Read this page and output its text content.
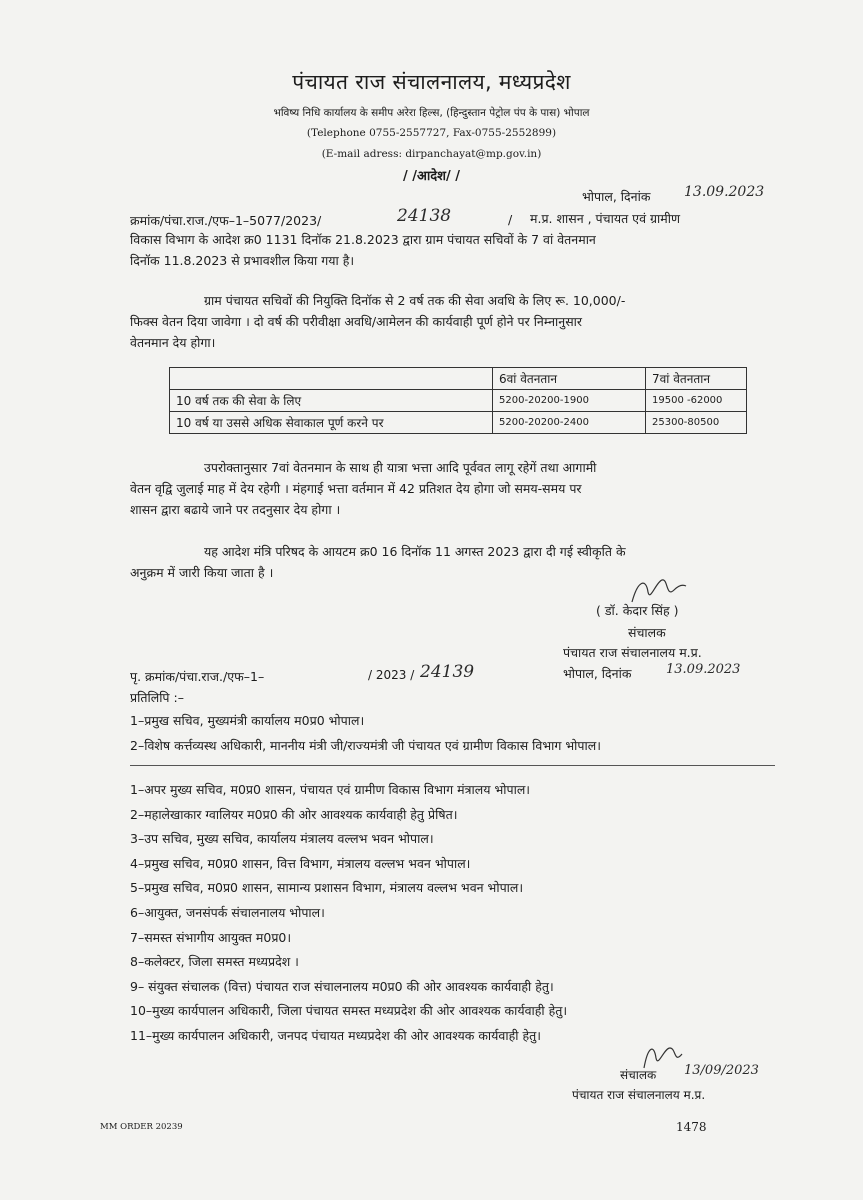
पंचायत राज संचालनालय, मध्यप्रदेश
भविष्य निधि कार्यालय के समीप अरेरा हिल्स, (हिन्दुस्तान पेट्रोल पंप के पास) भोपाल
(Telephone 0755-2557727, Fax-0755-2552899)
(E-mail adress: dirpanchayat@mp.gov.in)
/ /आदेश/ /
भोपाल, दिनांक 13.09.2023
क्रमांक/पंचा.राज./एफ–1–5077/2023/	24138	/ म.प्र. शासन , पंचायत एवं ग्रामीण
विकास विभाग के आदेश क्र0 1131 दिनॉक 21.8.2023 द्वारा ग्राम पंचायत सचिवों के 7 वां वेतनमान
दिनॉक 11.8.2023 से प्रभावशील किया गया है।
ग्राम पंचायत सचिवों की नियुक्ति दिनॉक से 2 वर्ष तक की सेवा अवधि के लिए रू. 10,000/-
फिक्स वेतन दिया जावेगा । दो वर्ष की परीवीक्षा अवधि/आमेलन की कार्यवाही पूर्ण होने पर निम्नानुसार
वेतनमान देय होगा।
	6वां वेतनतान	7वां वेतनतान
10 वर्ष तक की सेवा के लिए	5200-20200-1900	19500 -62000
10 वर्ष या उससे अधिक सेवाकाल पूर्ण करने पर	5200-20200-2400	25300-80500
उपरोक्तानुसार 7वां वेतनमान के साथ ही यात्रा भत्ता आदि पूर्ववत लागू रहेगें तथा आगामी
वेतन वृद्वि जुलाई माह में देय रहेगी । मंहगाई भत्ता वर्तमान में 42 प्रतिशत देय होगा जो समय-समय पर
शासन द्वारा बढाये जाने पर तदनुसार देय होगा ।
यह आदेश मंत्रि परिषद के आयटम क्र0 16 दिनॉक 11 अगस्त 2023 द्वारा दी गई स्वीकृति के
अनुक्रम में जारी किया जाता है ।
( डॉ. केदार सिंह )
संचालक
पंचायत राज संचालनालय म.प्र.
भोपाल, दिनांक	13.09.2023
पृ. क्रमांक/पंचा.राज./एफ–1–	/ 2023 / 24139
प्रतिलिपि :–
1–प्रमुख सचिव, मुख्यमंत्री कार्यालय म0प्र0 भोपाल।
2–विशेष कर्त्तव्यस्थ अधिकारी, माननीय मंत्री जी/राज्यमंत्री जी पंचायत एवं ग्रामीण विकास विभाग भोपाल।
1–अपर मुख्य सचिव, म0प्र0 शासन, पंचायत एवं ग्रामीण विकास विभाग मंत्रालय भोपाल।
2–महालेखाकार ग्वालियर म0प्र0 की ओर आवश्यक कार्यवाही हेतु प्रेषित।
3–उप सचिव, मुख्य सचिव, कार्यालय मंत्रालय वल्लभ भवन भोपाल।
4–प्रमुख सचिव, म0प्र0 शासन, वित्त विभाग, मंत्रालय वल्लभ भवन भोपाल।
5–प्रमुख सचिव, म0प्र0 शासन, सामान्य प्रशासन विभाग, मंत्रालय वल्लभ भवन भोपाल।
6–आयुक्त, जनसंपर्क संचालनालय भोपाल।
7–समस्त संभागीय आयुक्त म0प्र0।
8–कलेक्टर, जिला समस्त मध्यप्रदेश ।
9– संयुक्त संचालक (वित्त) पंचायत राज संचालनालय म0प्र0 की ओर आवश्यक कार्यवाही हेतु।
10–मुख्य कार्यपालन अधिकारी, जिला पंचायत समस्त मध्यप्रदेश की ओर आवश्यक कार्यवाही हेतु।
11–मुख्य कार्यपालन अधिकारी, जनपद पंचायत मध्यप्रदेश की ओर आवश्यक कार्यवाही हेतु।
संचालक 13/09/2023
पंचायत राज संचालनालय म.प्र.
MM ORDER 20239	1478
